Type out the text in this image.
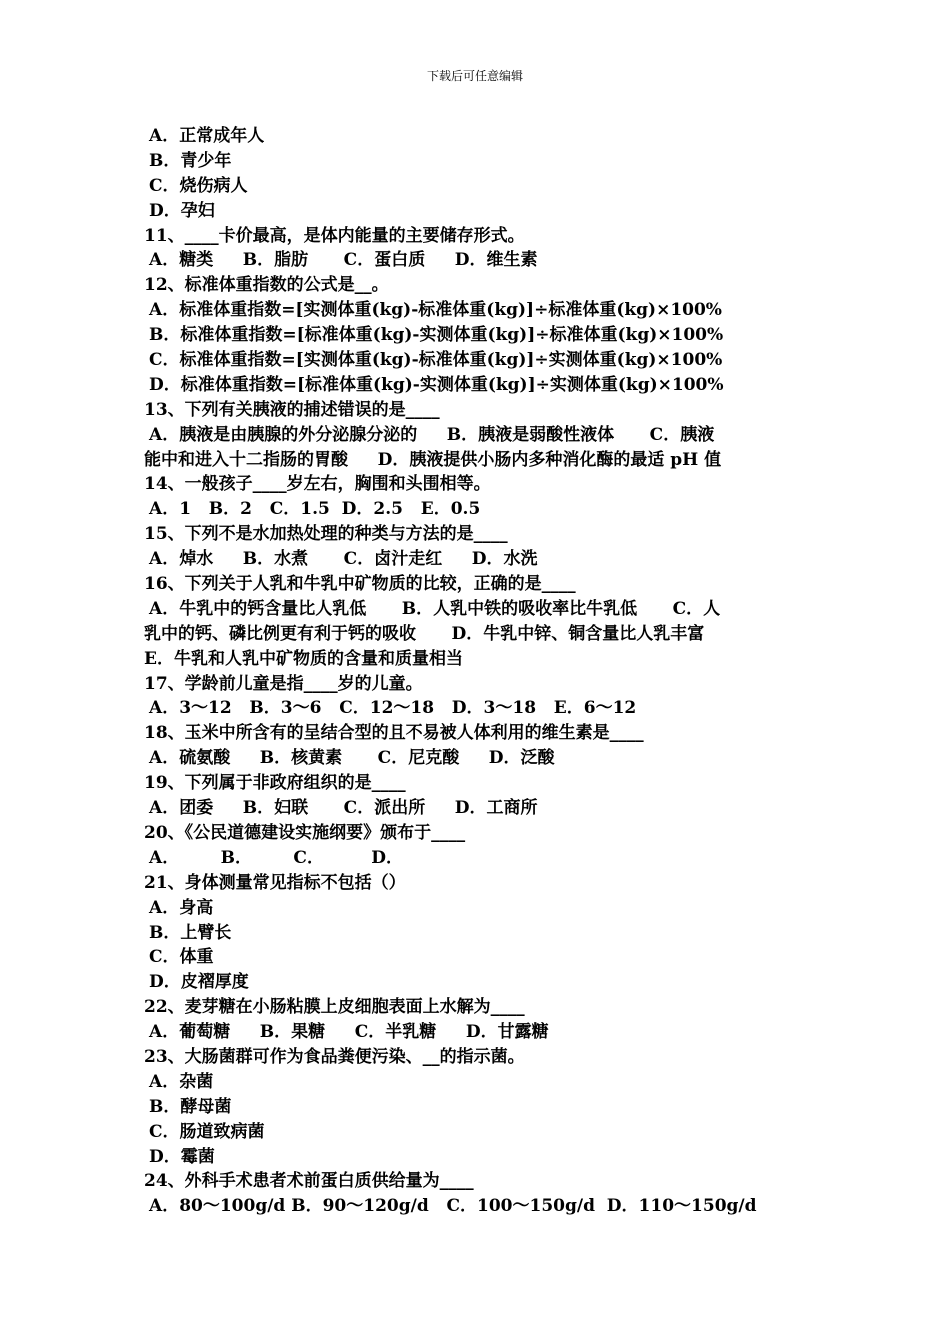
下载后可任意编辑
A．正常成年人
B．青少年
C．烧伤病人
D．孕妇
11、____卡价最高，是体内能量的主要储存形式。
A．糖类     B．脂肪      C．蛋白质     D．维生素
12、标准体重指数的公式是__。
A．标准体重指数=[实测体重(kg)-标准体重(kg)]÷标准体重(kg)×100%
B．标准体重指数=[标准体重(kg)-实测体重(kg)]÷标准体重(kg)×100%
C．标准体重指数=[实测体重(kg)-标准体重(kg)]÷实测体重(kg)×100%
D．标准体重指数=[标准体重(kg)-实测体重(kg)]÷实测体重(kg)×100%
13、下列有关胰液的捕述错误的是____
A．胰液是由胰腺的外分泌腺分泌的     B．胰液是弱酸性液体      C．胰液
能中和进入十二指肠的胃酸     D．胰液提供小肠内多种消化酶的最适 pH 值
14、一般孩子____岁左右，胸围和头围相等。
A．1   B．2   C．1.5  D．2.5   E．0.5
15、下列不是水加热处理的种类与方法的是____
A．焯水     B．水煮      C．卤汁走红     D．水洗
16、下列关于人乳和牛乳中矿物质的比较，正确的是____
A．牛乳中的钙含量比人乳低      B．人乳中铁的吸收率比牛乳低      C．人
乳中的钙、磷比例更有利于钙的吸收      D．牛乳中锌、铜含量比人乳丰富
E．牛乳和人乳中矿物质的含量和质量相当
17、学龄前儿童是指____岁的儿童。
A．3～12   B．3～6   C．12～18   D．3～18   E．6～12
18、玉米中所含有的呈结合型的且不易被人体利用的维生素是____
A．硫氨酸     B．核黄素      C．尼克酸     D．泛酸
19、下列属于非政府组织的是____
A．团委     B．妇联      C．派出所     D．工商所
20、《公民道德建设实施纲要》颁布于____
A．       B．       C．        D．
21、身体测量常见指标不包括（）
A．身高
B．上臂长
C．体重
D．皮褶厚度
22、麦芽糖在小肠粘膜上皮细胞表面上水解为____
A．葡萄糖     B．果糖     C．半乳糖     D．甘露糖
23、大肠菌群可作为食品粪便污染、__的指示菌。
A．杂菌
B．酵母菌
C．肠道致病菌
D．霉菌
24、外科手术患者术前蛋白质供给量为____
A．80～100g/d B．90～120g/d   C．100～150g/d  D．110～150g/d
